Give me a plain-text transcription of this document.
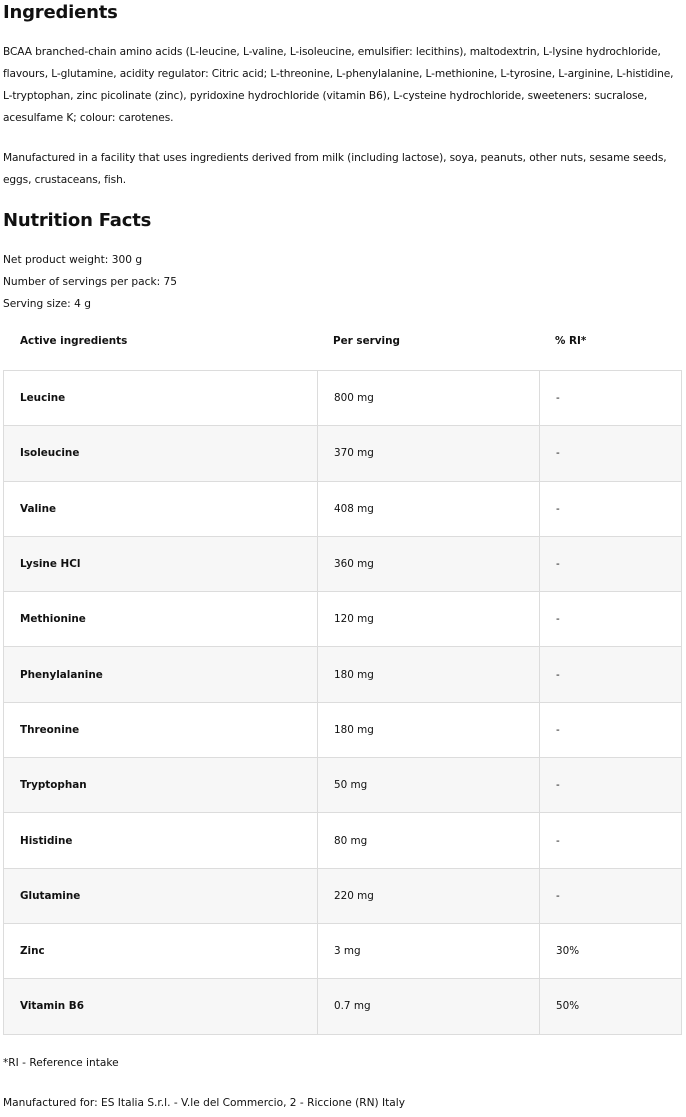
Ingredients
BCAA branched-chain amino acids (L-leucine, L-valine, L-isoleucine, emulsifier: lecithins), maltodextrin, L-lysine hydrochloride, flavours, L-glutamine, acidity regulator: Citric acid; L-threonine, L-phenylalanine, L-methionine, L-tyrosine, L-arginine, L-histidine, L-tryptophan, zinc picolinate (zinc), pyridoxine hydrochloride (vitamin B6), L-cysteine hydrochloride, sweeteners: sucralose, acesulfame K; colour: carotenes.
Manufactured in a facility that uses ingredients derived from milk (including lactose), soya, peanuts, other nuts, sesame seeds, eggs, crustaceans, fish.
Nutrition Facts
Net product weight: 300 g
Number of servings per pack: 75
Serving size: 4 g
Active ingredients	Per serving	% RI*
Leucine	800 mg	-
Isoleucine	370 mg	-
Valine	408 mg	-
Lysine HCl	360 mg	-
Methionine	120 mg	-
Phenylalanine	180 mg	-
Threonine	180 mg	-
Tryptophan	50 mg	-
Histidine	80 mg	-
Glutamine	220 mg	-
Zinc	3 mg	30%
Vitamin B6	0.7 mg	50%
*RI - Reference intake
Manufactured for: ES Italia S.r.l. - V.le del Commercio, 2 - Riccione (RN) Italy
